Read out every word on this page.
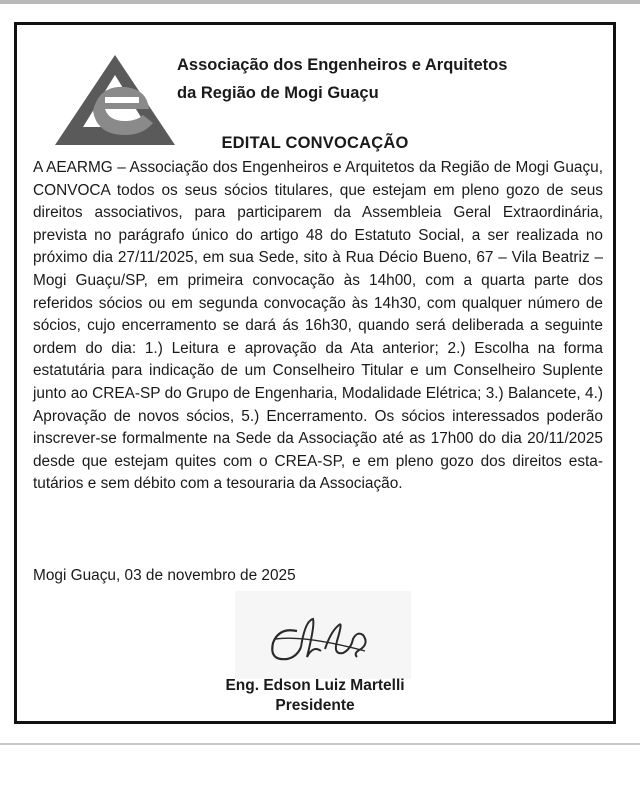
Associação dos Engenheiros e Arquitetos
da Região de Mogi Guaçu
EDITAL CONVOCAÇÃO
A AEARMG – Associação dos Engenheiros e Arquitetos da Região de Mogi Guaçu, CONVOCA todos os seus sócios titulares, que estejam em pleno gozo de seus direitos associativos, para participarem da Assembleia Geral Extraordinária, prevista no parágrafo único do artigo 48 do Estatuto Social, a ser realizada no próximo dia 27/11/2025, em sua Sede, sito à Rua Décio Bueno, 67 – Vila Beatriz – Mogi Guaçu/SP, em primeira convocação às 14h00, com a quarta parte dos referidos sócios ou em segunda convocação às 14h30, com qualquer número de sócios, cujo encerramento se dará ás 16h30, quando será deliberada a seguinte ordem do dia: 1.) Leitura e aprovação da Ata anterior; 2.) Escolha na forma estatutária para indicação de um Conselheiro Titular e um Conselheiro Suplente junto ao CREA-SP do Grupo de Engenharia, Modalidade Elétrica; 3.) Balancete, 4.) Aprovação de novos sócios, 5.) Encerramento. Os sócios interessados poderão inscrever-se formalmente na Sede da Associação até as 17h00 do dia 20/11/2025 desde que estejam quites com o CREA-SP, e em pleno gozo dos direitos estatutários e sem débito com a tesouraria da Associação.
Mogi Guaçu, 03 de novembro de 2025
Eng. Edson Luiz Martelli
Presidente
